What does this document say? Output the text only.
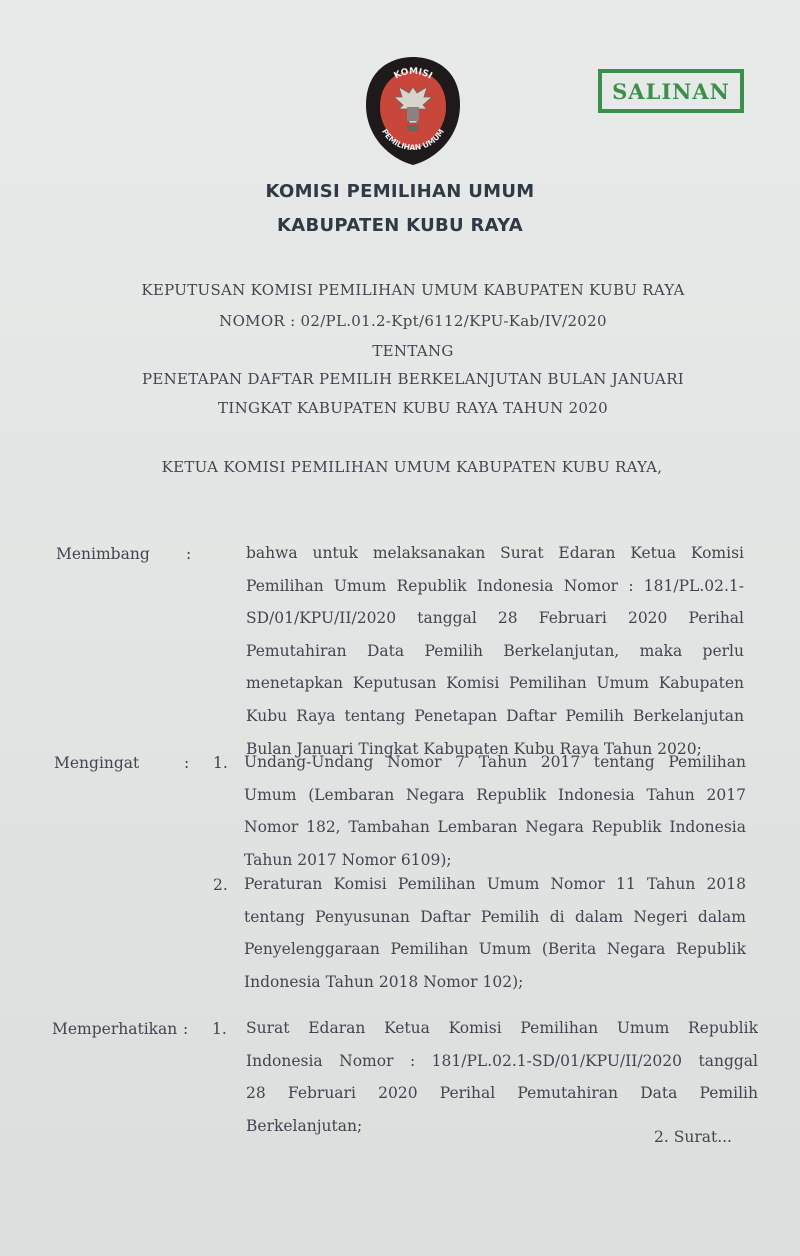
KOMISI
PEMILIHAN UMUM
SALINAN
KOMISI PEMILIHAN UMUM
KABUPATEN KUBU RAYA
KEPUTUSAN KOMISI PEMILIHAN UMUM KABUPATEN KUBU RAYA
NOMOR : 02/PL.01.2-Kpt/6112/KPU-Kab/IV/2020
TENTANG
PENETAPAN DAFTAR PEMILIH BERKELANJUTAN BULAN JANUARI
TINGKAT KABUPATEN KUBU RAYA TAHUN 2020
KETUA KOMISI PEMILIHAN UMUM KABUPATEN KUBU RAYA,
Menimbang :	bahwa untuk melaksanakan Surat Edaran Ketua Komisi
Pemilihan Umum Republik Indonesia Nomor : 181/PL.02.1-
SD/01/KPU/II/2020 tanggal 28 Februari 2020 Perihal
Pemutahiran Data Pemilih Berkelanjutan, maka perlu
menetapkan Keputusan Komisi Pemilihan Umum Kabupaten
Kubu Raya tentang Penetapan Daftar Pemilih Berkelanjutan
Bulan Januari Tingkat Kabupaten Kubu Raya Tahun 2020;
Mengingat	: 1. Undang-Undang Nomor 7 Tahun 2017 tentang Pemilihan
Umum (Lembaran Negara Republik Indonesia Tahun 2017
Nomor 182, Tambahan Lembaran Negara Republik Indonesia
Tahun 2017 Nomor 6109);
2. Peraturan Komisi Pemilihan Umum Nomor 11 Tahun 2018
tentang Penyusunan Daftar Pemilih di dalam Negeri dalam
Penyelenggaraan Pemilihan Umum (Berita Negara Republik
Indonesia Tahun 2018 Nomor 102);
Memperhatikan : 1. Surat Edaran Ketua Komisi Pemilihan Umum Republik
Indonesia Nomor : 181/PL.02.1-SD/01/KPU/II/2020 tanggal
28 Februari 2020 Perihal Pemutahiran Data Pemilih
Berkelanjutan;
2. Surat...
